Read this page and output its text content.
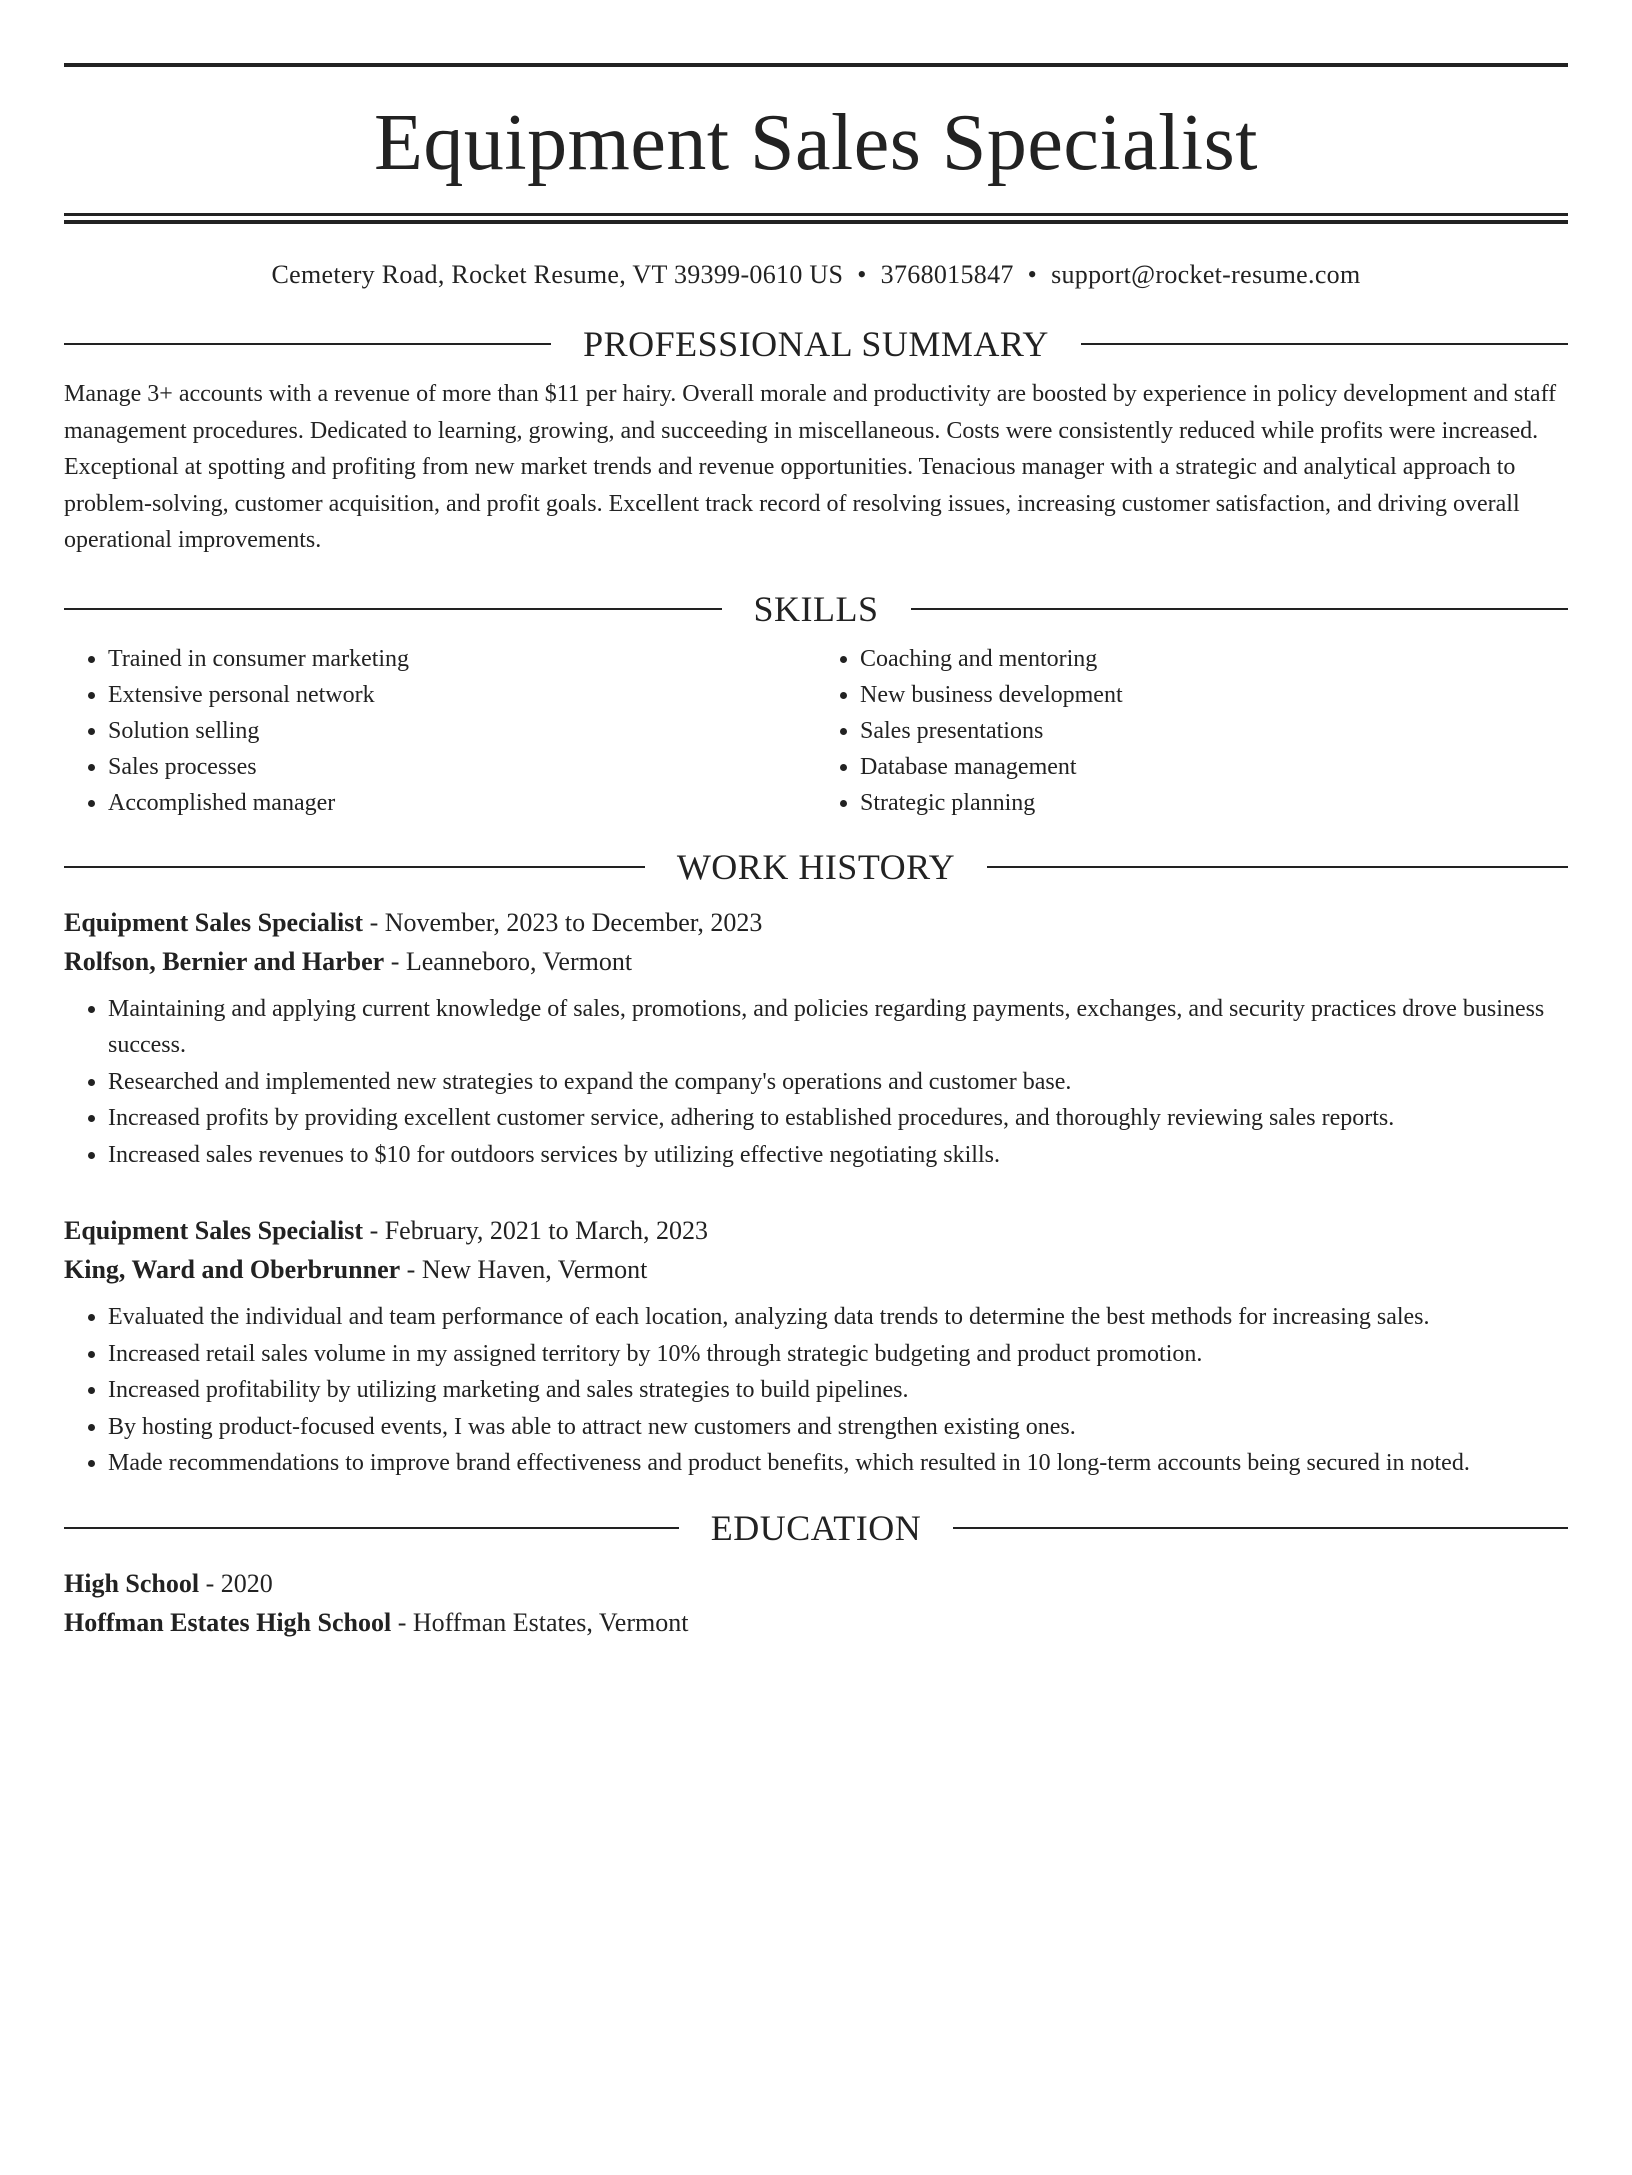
Equipment Sales Specialist
Cemetery Road, Rocket Resume, VT 39399-0610 US • 3768015847 • support@rocket-resume.com
PROFESSIONAL SUMMARY
Manage 3+ accounts with a revenue of more than $11 per hairy. Overall morale and productivity are boosted by experience in policy development and staff management procedures. Dedicated to learning, growing, and succeeding in miscellaneous. Costs were consistently reduced while profits were increased. Exceptional at spotting and profiting from new market trends and revenue opportunities. Tenacious manager with a strategic and analytical approach to problem-solving, customer acquisition, and profit goals. Excellent track record of resolving issues, increasing customer satisfaction, and driving overall operational improvements.
SKILLS
• Trained in consumer marketing
• Extensive personal network
• Solution selling
• Sales processes
• Accomplished manager
• Coaching and mentoring
• New business development
• Sales presentations
• Database management
• Strategic planning
WORK HISTORY
Equipment Sales Specialist - November, 2023 to December, 2023
Rolfson, Bernier and Harber - Leanneboro, Vermont
• Maintaining and applying current knowledge of sales, promotions, and policies regarding payments, exchanges, and security practices drove business success.
• Researched and implemented new strategies to expand the company's operations and customer base.
• Increased profits by providing excellent customer service, adhering to established procedures, and thoroughly reviewing sales reports.
• Increased sales revenues to $10 for outdoors services by utilizing effective negotiating skills.
Equipment Sales Specialist - February, 2021 to March, 2023
King, Ward and Oberbrunner - New Haven, Vermont
• Evaluated the individual and team performance of each location, analyzing data trends to determine the best methods for increasing sales.
• Increased retail sales volume in my assigned territory by 10% through strategic budgeting and product promotion.
• Increased profitability by utilizing marketing and sales strategies to build pipelines.
• By hosting product-focused events, I was able to attract new customers and strengthen existing ones.
• Made recommendations to improve brand effectiveness and product benefits, which resulted in 10 long-term accounts being secured in noted.
EDUCATION
High School - 2020
Hoffman Estates High School - Hoffman Estates, Vermont
